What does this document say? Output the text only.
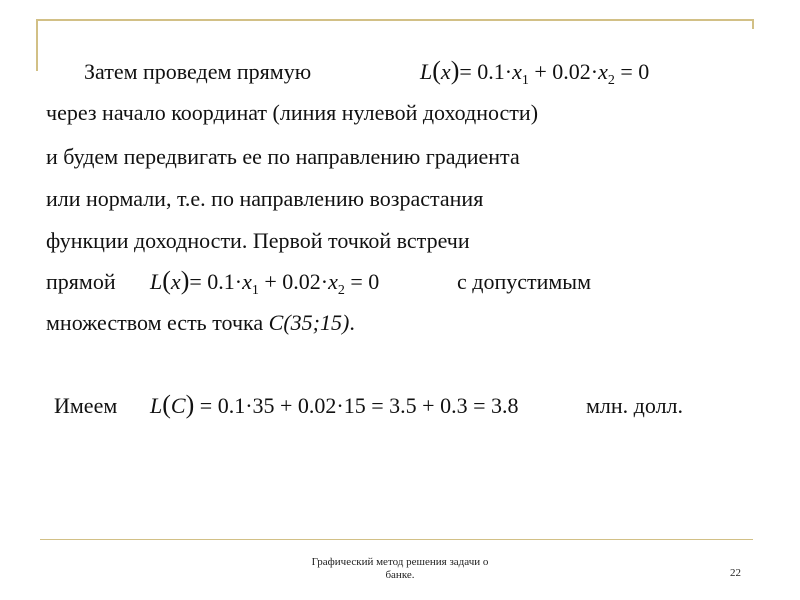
Затем проведем прямую	$L(x)= 0.1\cdot x_1 + 0.02\cdot x_2 = 0$
через начало координат (линия нулевой доходности)
и будем передвигать ее по направлению градиента
или нормали, т.е. по направлению возрастания
функции доходности. Первой точкой встречи
прямой $L(x)= 0.1\cdot x_1 + 0.02\cdot x_2 = 0$	с допустимым
множеством есть точка С(35;15).
Имеем L(C) = 0.1·35 + 0.02·15 = 3.5 + 0.3 = 3.8	млн. долл.
Графический метод решения задачи о
банке.	22
